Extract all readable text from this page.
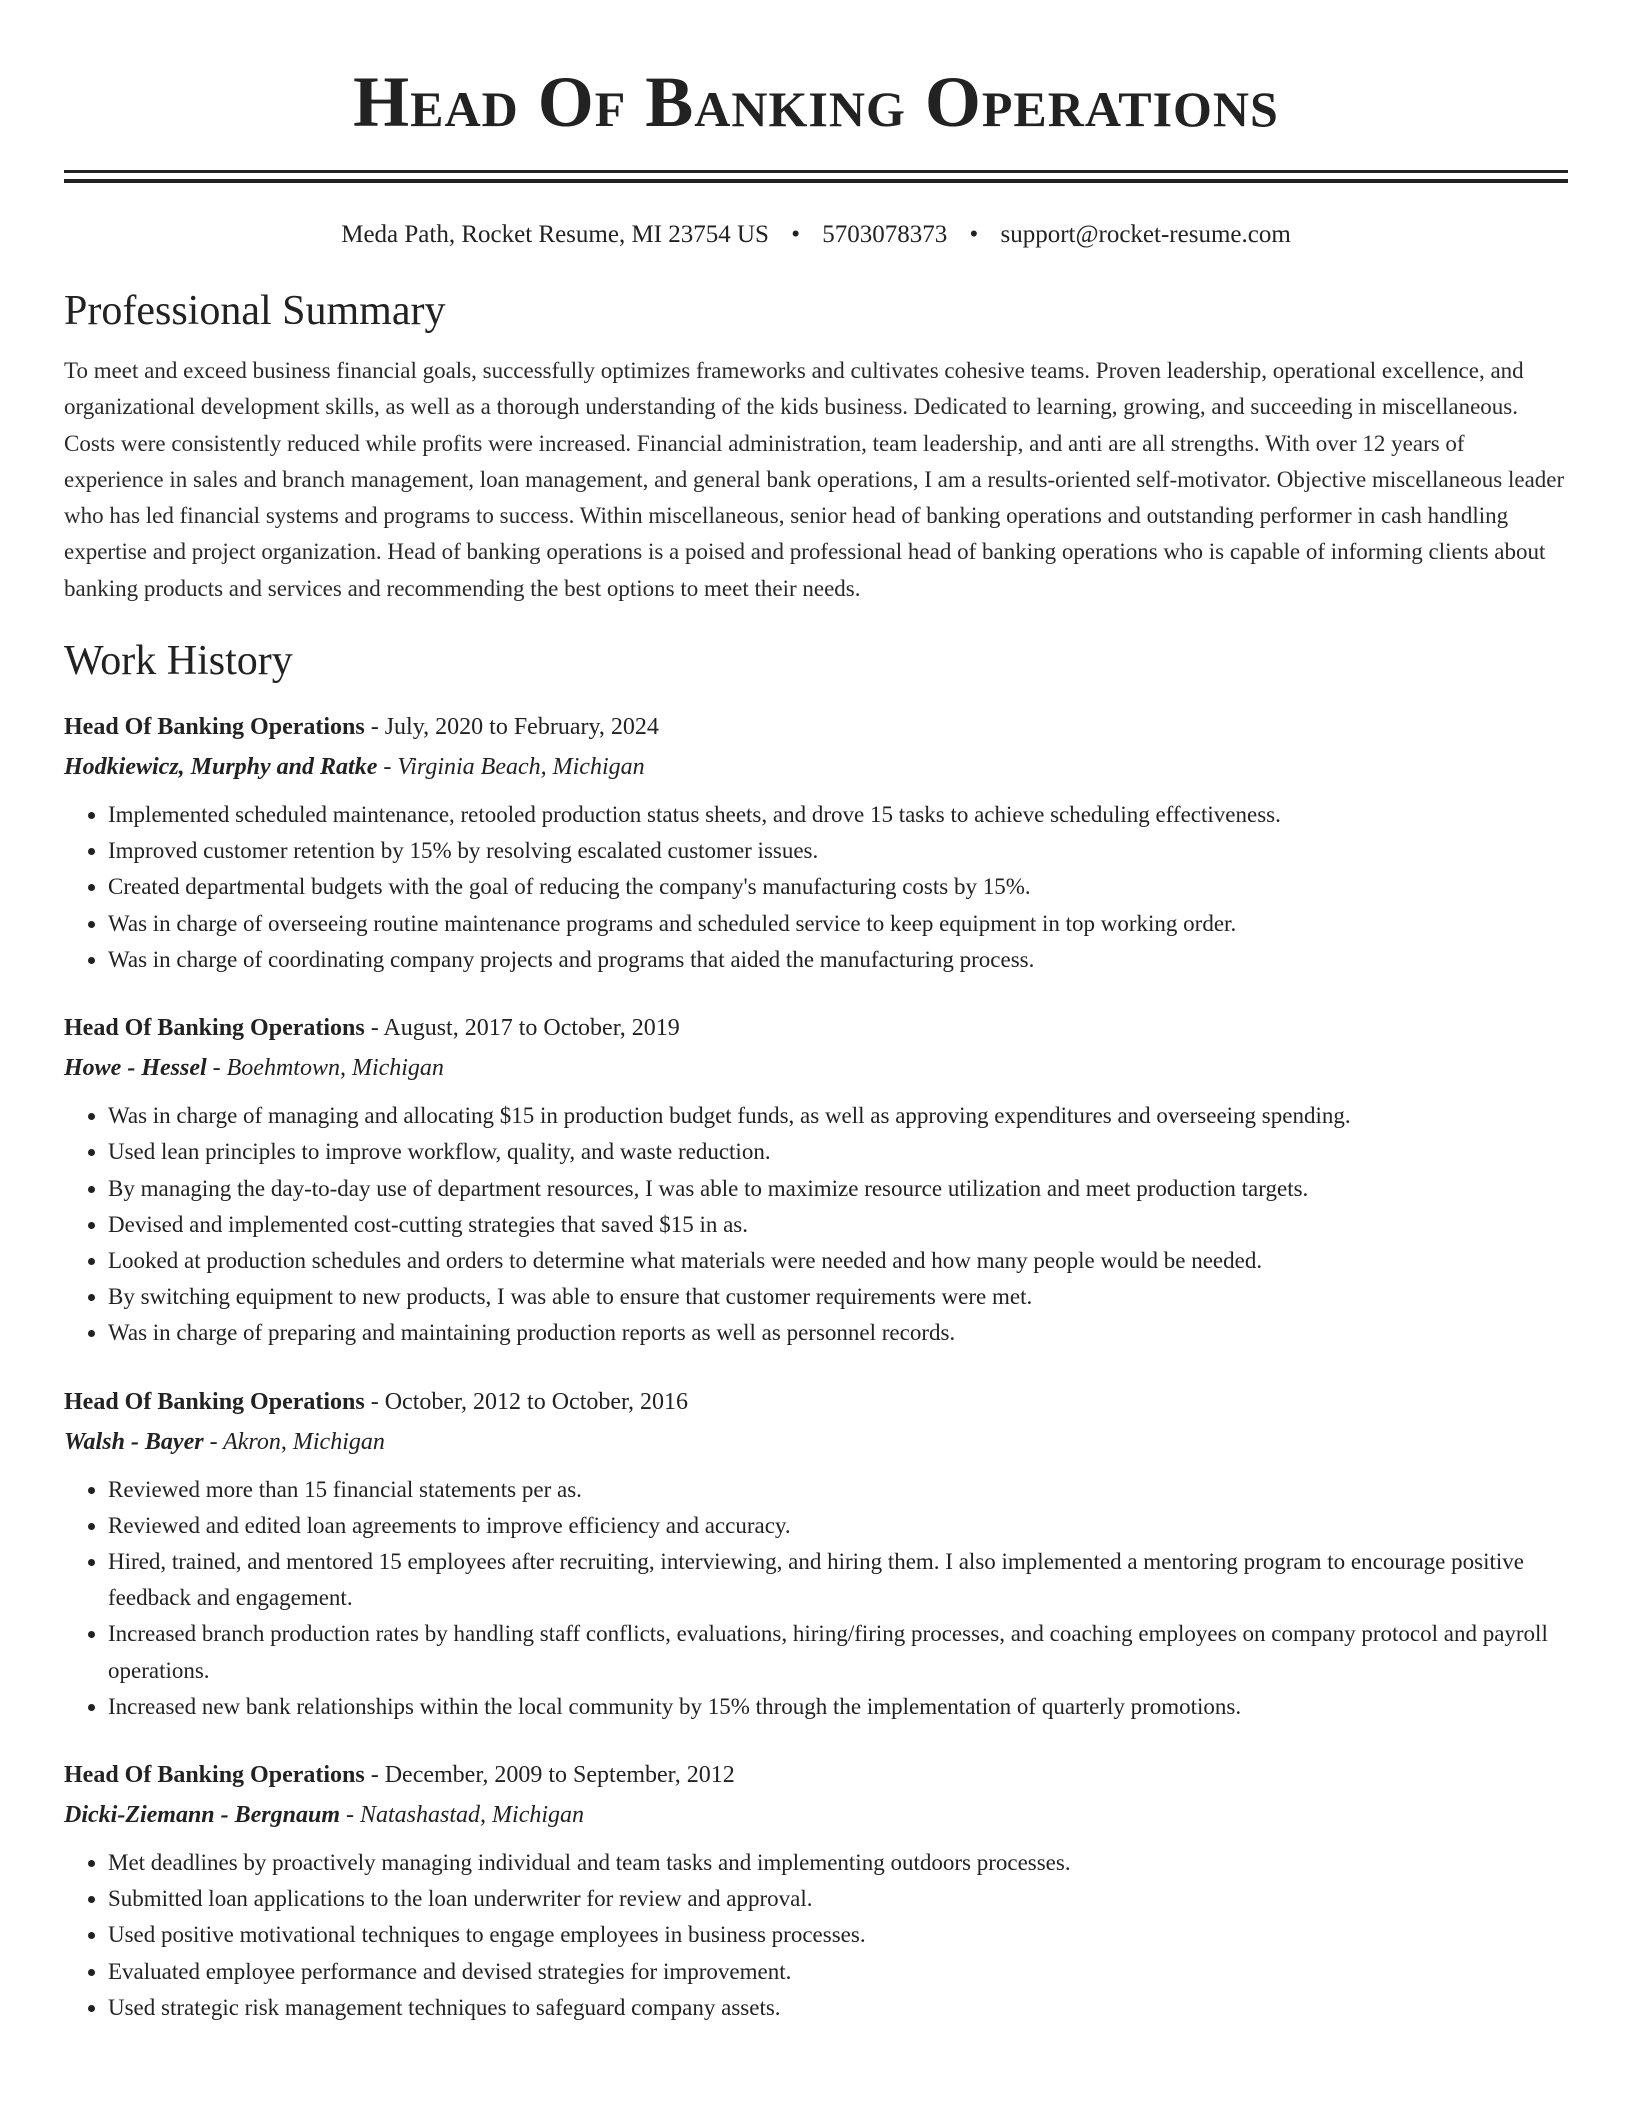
Head Of Banking Operations
Meda Path, Rocket Resume, MI 23754 US • 5703078373 • support@rocket-resume.com
Professional Summary

To meet and exceed business financial goals, successfully optimizes frameworks and cultivates cohesive teams. Proven leadership, operational excellence, and organizational development skills, as well as a thorough understanding of the kids business. Dedicated to learning, growing, and succeeding in miscellaneous. Costs were consistently reduced while profits were increased. Financial administration, team leadership, and anti are all strengths. With over 12 years of experience in sales and branch management, loan management, and general bank operations, I am a results-oriented self-motivator. Objective miscellaneous leader who has led financial systems and programs to success. Within miscellaneous, senior head of banking operations and outstanding performer in cash handling expertise and project organization. Head of banking operations is a poised and professional head of banking operations who is capable of informing clients about banking products and services and recommending the best options to meet their needs.

Work History
Head Of Banking Operations - July, 2020 to February, 2024
Hodkiewicz, Murphy and Ratke - Virginia Beach, Michigan
• Implemented scheduled maintenance, retooled production status sheets, and drove 15 tasks to achieve scheduling effectiveness.
• Improved customer retention by 15% by resolving escalated customer issues.
• Created departmental budgets with the goal of reducing the company's manufacturing costs by 15%.
• Was in charge of overseeing routine maintenance programs and scheduled service to keep equipment in top working order.
• Was in charge of coordinating company projects and programs that aided the manufacturing process.
Head Of Banking Operations - August, 2017 to October, 2019
Howe - Hessel - Boehmtown, Michigan
• Was in charge of managing and allocating $15 in production budget funds, as well as approving expenditures and overseeing spending.
• Used lean principles to improve workflow, quality, and waste reduction.
• By managing the day-to-day use of department resources, I was able to maximize resource utilization and meet production targets.
• Devised and implemented cost-cutting strategies that saved $15 in as.
• Looked at production schedules and orders to determine what materials were needed and how many people would be needed.
• By switching equipment to new products, I was able to ensure that customer requirements were met.
• Was in charge of preparing and maintaining production reports as well as personnel records.
Head Of Banking Operations - October, 2012 to October, 2016
Walsh - Bayer - Akron, Michigan
• Reviewed more than 15 financial statements per as.
• Reviewed and edited loan agreements to improve efficiency and accuracy.
• Hired, trained, and mentored 15 employees after recruiting, interviewing, and hiring them. I also implemented a mentoring program to encourage positive feedback and engagement.
• Increased branch production rates by handling staff conflicts, evaluations, hiring/firing processes, and coaching employees on company protocol and payroll operations.
• Increased new bank relationships within the local community by 15% through the implementation of quarterly promotions.
Head Of Banking Operations - December, 2009 to September, 2012
Dicki-Ziemann - Bergnaum - Natashastad, Michigan
• Met deadlines by proactively managing individual and team tasks and implementing outdoors processes.
• Submitted loan applications to the loan underwriter for review and approval.
• Used positive motivational techniques to engage employees in business processes.
• Evaluated employee performance and devised strategies for improvement.
• Used strategic risk management techniques to safeguard company assets.
